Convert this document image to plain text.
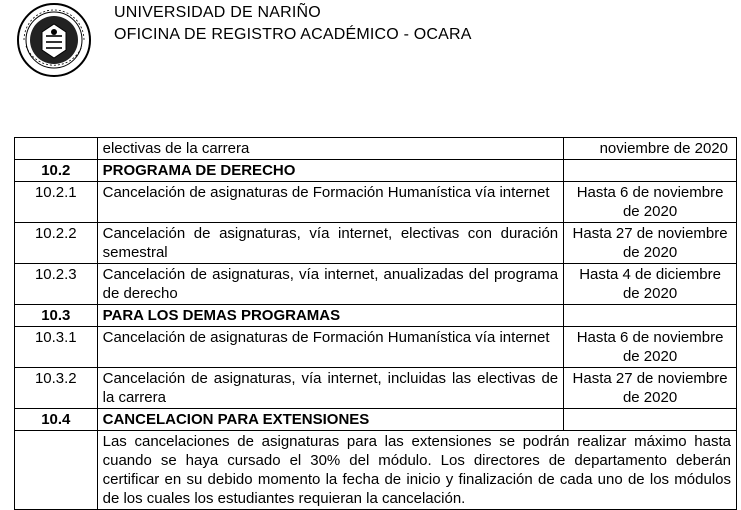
UNIVERSIDAD DE NARIÑO
OFICINA DE REGISTRO ACADÉMICO - OCARA
	electivas de la carrera	noviembre de 2020
10.2	PROGRAMA DE DERECHO	
10.2.1	Cancelación de asignaturas de Formación Humanística vía internet	Hasta 6 de noviembre de 2020
10.2.2	Cancelación de asignaturas, vía internet, electivas con duración semestral	Hasta 27 de noviembre de 2020
10.2.3	Cancelación de asignaturas, vía internet, anualizadas del programa de derecho	Hasta 4 de diciembre de 2020
10.3	PARA LOS DEMAS PROGRAMAS	
10.3.1	Cancelación de asignaturas de Formación Humanística vía internet	Hasta 6 de noviembre de 2020
10.3.2	Cancelación de asignaturas, vía internet, incluidas las electivas de la carrera	Hasta 27 de noviembre de 2020
10.4	CANCELACION PARA EXTENSIONES	
	Las cancelaciones de asignaturas para las extensiones se podrán realizar máximo hasta cuando se haya cursado el 30% del módulo. Los directores de departamento deberán certificar en su debido momento la fecha de inicio y finalización de cada uno de los módulos de los cuales los estudiantes requieran la cancelación.	
